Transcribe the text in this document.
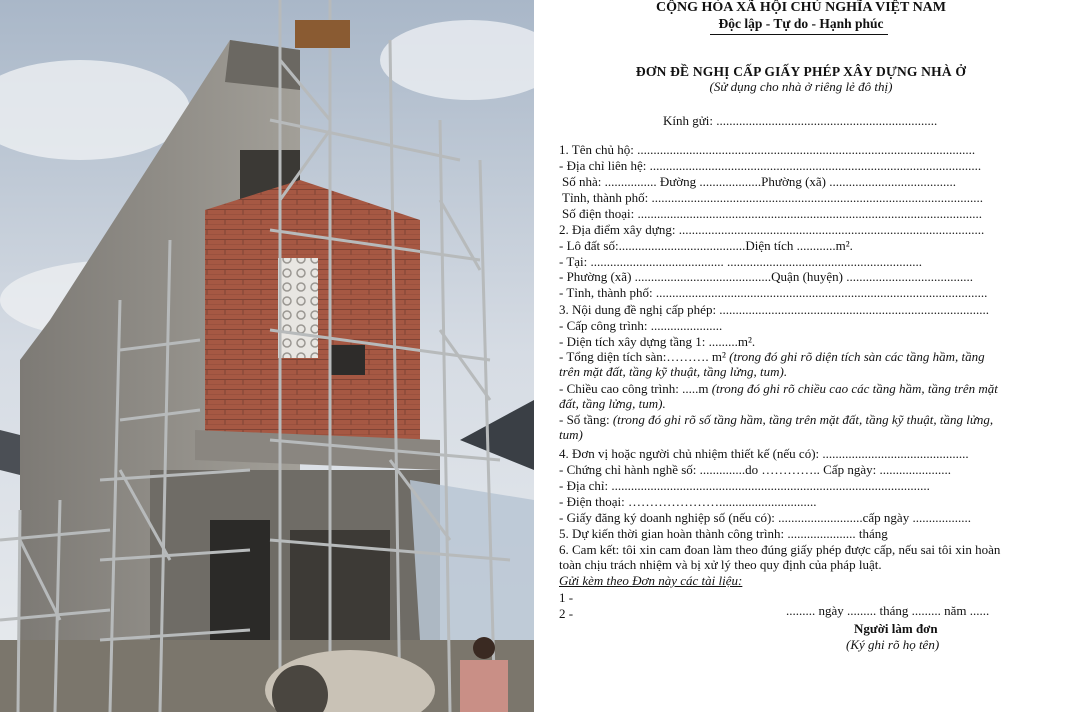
CỘNG HÒA XÃ HỘI CHỦ NGHĨA VIỆT NAM
Độc lập - Tự do - Hạnh phúc
ĐƠN ĐỀ NGHỊ CẤP GIẤY PHÉP XÂY DỰNG NHÀ Ở
(Sử dụng cho nhà ở riêng lẻ đô thị)
Kính gửi: ....................................................................
1. Tên chủ hộ: ........................................................................................................
- Địa chỉ liên hệ: ......................................................................................................
Số nhà: ................ Đường ...................Phường (xã) .......................................
Tỉnh, thành phố: ......................................................................................................
Số điện thoại: ..........................................................................................................
2. Địa điểm xây dựng: ..............................................................................................
- Lô đất số:.......................................Diện tích ............m².
- Tại: ......................................... ............................................................
- Phường (xã) ..........................................Quận (huyện) .......................................
- Tỉnh, thành phố: ......................................................................................................
3. Nội dung đề nghị cấp phép: ...................................................................................
- Cấp công trình: ......................
- Diện tích xây dựng tầng 1: .........m².
- Tổng diện tích sàn:………. m² (trong đó ghi rõ diện tích sàn các tầng hầm, tầng
trên mặt đất, tầng kỹ thuật, tầng lửng, tum).
- Chiều cao công trình: .....m (trong đó ghi rõ chiều cao các tầng hầm, tầng trên mặt
đất, tầng lửng, tum).
- Số tầng: (trong đó ghi rõ số tầng hầm, tầng trên mặt đất, tầng kỹ thuật, tầng lửng,
tum)
4. Đơn vị hoặc người chủ nhiệm thiết kế (nếu có): .............................................
- Chứng chỉ hành nghề số: ..............do ………….. Cấp ngày: ......................
- Địa chỉ: ..................................................................................................
- Điện thoại: …………………..............................
- Giấy đăng ký doanh nghiệp số (nếu có): ..........................cấp ngày ..................
5. Dự kiến thời gian hoàn thành công trình: ..................... tháng
6. Cam kết: tôi xin cam đoan làm theo đúng giấy phép được cấp, nếu sai tôi xin hoàn
toàn chịu trách nhiệm và bị xử lý theo quy định của pháp luật.
Gửi kèm theo Đơn này các tài liệu:
1 -
2 -	......... ngày ......... tháng ......... năm ......
Người làm đơn
(Ký ghi rõ họ tên)
